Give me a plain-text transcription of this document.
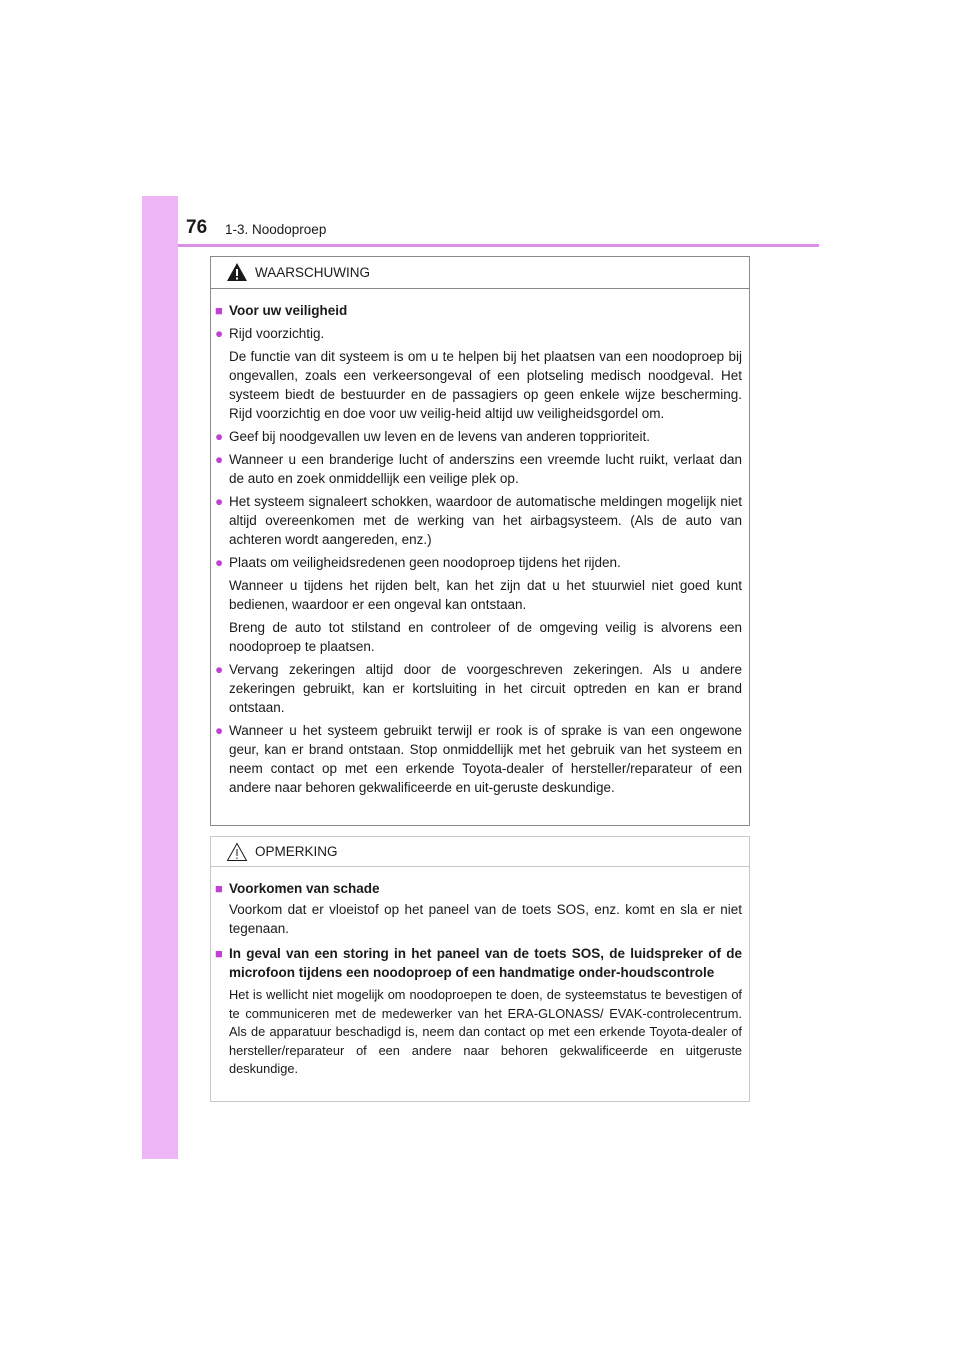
76 1-3. Noodoproep
WAARSCHUWING
■ Voor uw veiligheid
● Rijd voorzichtig.
De functie van dit systeem is om u te helpen bij het plaatsen van een noodoproep bij ongevallen, zoals een verkeersongeval of een plotseling medisch noodgeval. Het systeem biedt de bestuurder en de passagiers op geen enkele wijze bescherming. Rijd voorzichtig en doe voor uw veilig-heid altijd uw veiligheidsgordel om.
● Geef bij noodgevallen uw leven en de levens van anderen topprioriteit.
● Wanneer u een branderige lucht of anderszins een vreemde lucht ruikt, verlaat dan de auto en zoek onmiddellijk een veilige plek op.
● Het systeem signaleert schokken, waardoor de automatische meldingen mogelijk niet altijd overeenkomen met de werking van het airbagsysteem. (Als de auto van achteren wordt aangereden, enz.)
● Plaats om veiligheidsredenen geen noodoproep tijdens het rijden.
Wanneer u tijdens het rijden belt, kan het zijn dat u het stuurwiel niet goed kunt bedienen, waardoor er een ongeval kan ontstaan.
Breng de auto tot stilstand en controleer of de omgeving veilig is alvorens een noodoproep te plaatsen.
● Vervang zekeringen altijd door de voorgeschreven zekeringen. Als u andere zekeringen gebruikt, kan er kortsluiting in het circuit optreden en kan er brand ontstaan.
● Wanneer u het systeem gebruikt terwijl er rook is of sprake is van een ongewone geur, kan er brand ontstaan. Stop onmiddellijk met het gebruik van het systeem en neem contact op met een erkende Toyota-dealer of hersteller/reparateur of een andere naar behoren gekwalificeerde en uit-geruste deskundige.
OPMERKING
■ Voorkomen van schade
Voorkom dat er vloeistof op het paneel van de toets SOS, enz. komt en sla er niet tegenaan.
■ In geval van een storing in het paneel van de toets SOS, de luidspreker of de microfoon tijdens een noodoproep of een handmatige onder-houdscontrole
Het is wellicht niet mogelijk om noodoproepen te doen, de systeemstatus te bevestigen of te communiceren met de medewerker van het ERA-GLONASS/ EVAK-controlecentrum. Als de apparatuur beschadigd is, neem dan contact op met een erkende Toyota-dealer of hersteller/reparateur of een andere naar behoren gekwalificeerde en uitgeruste deskundige.
